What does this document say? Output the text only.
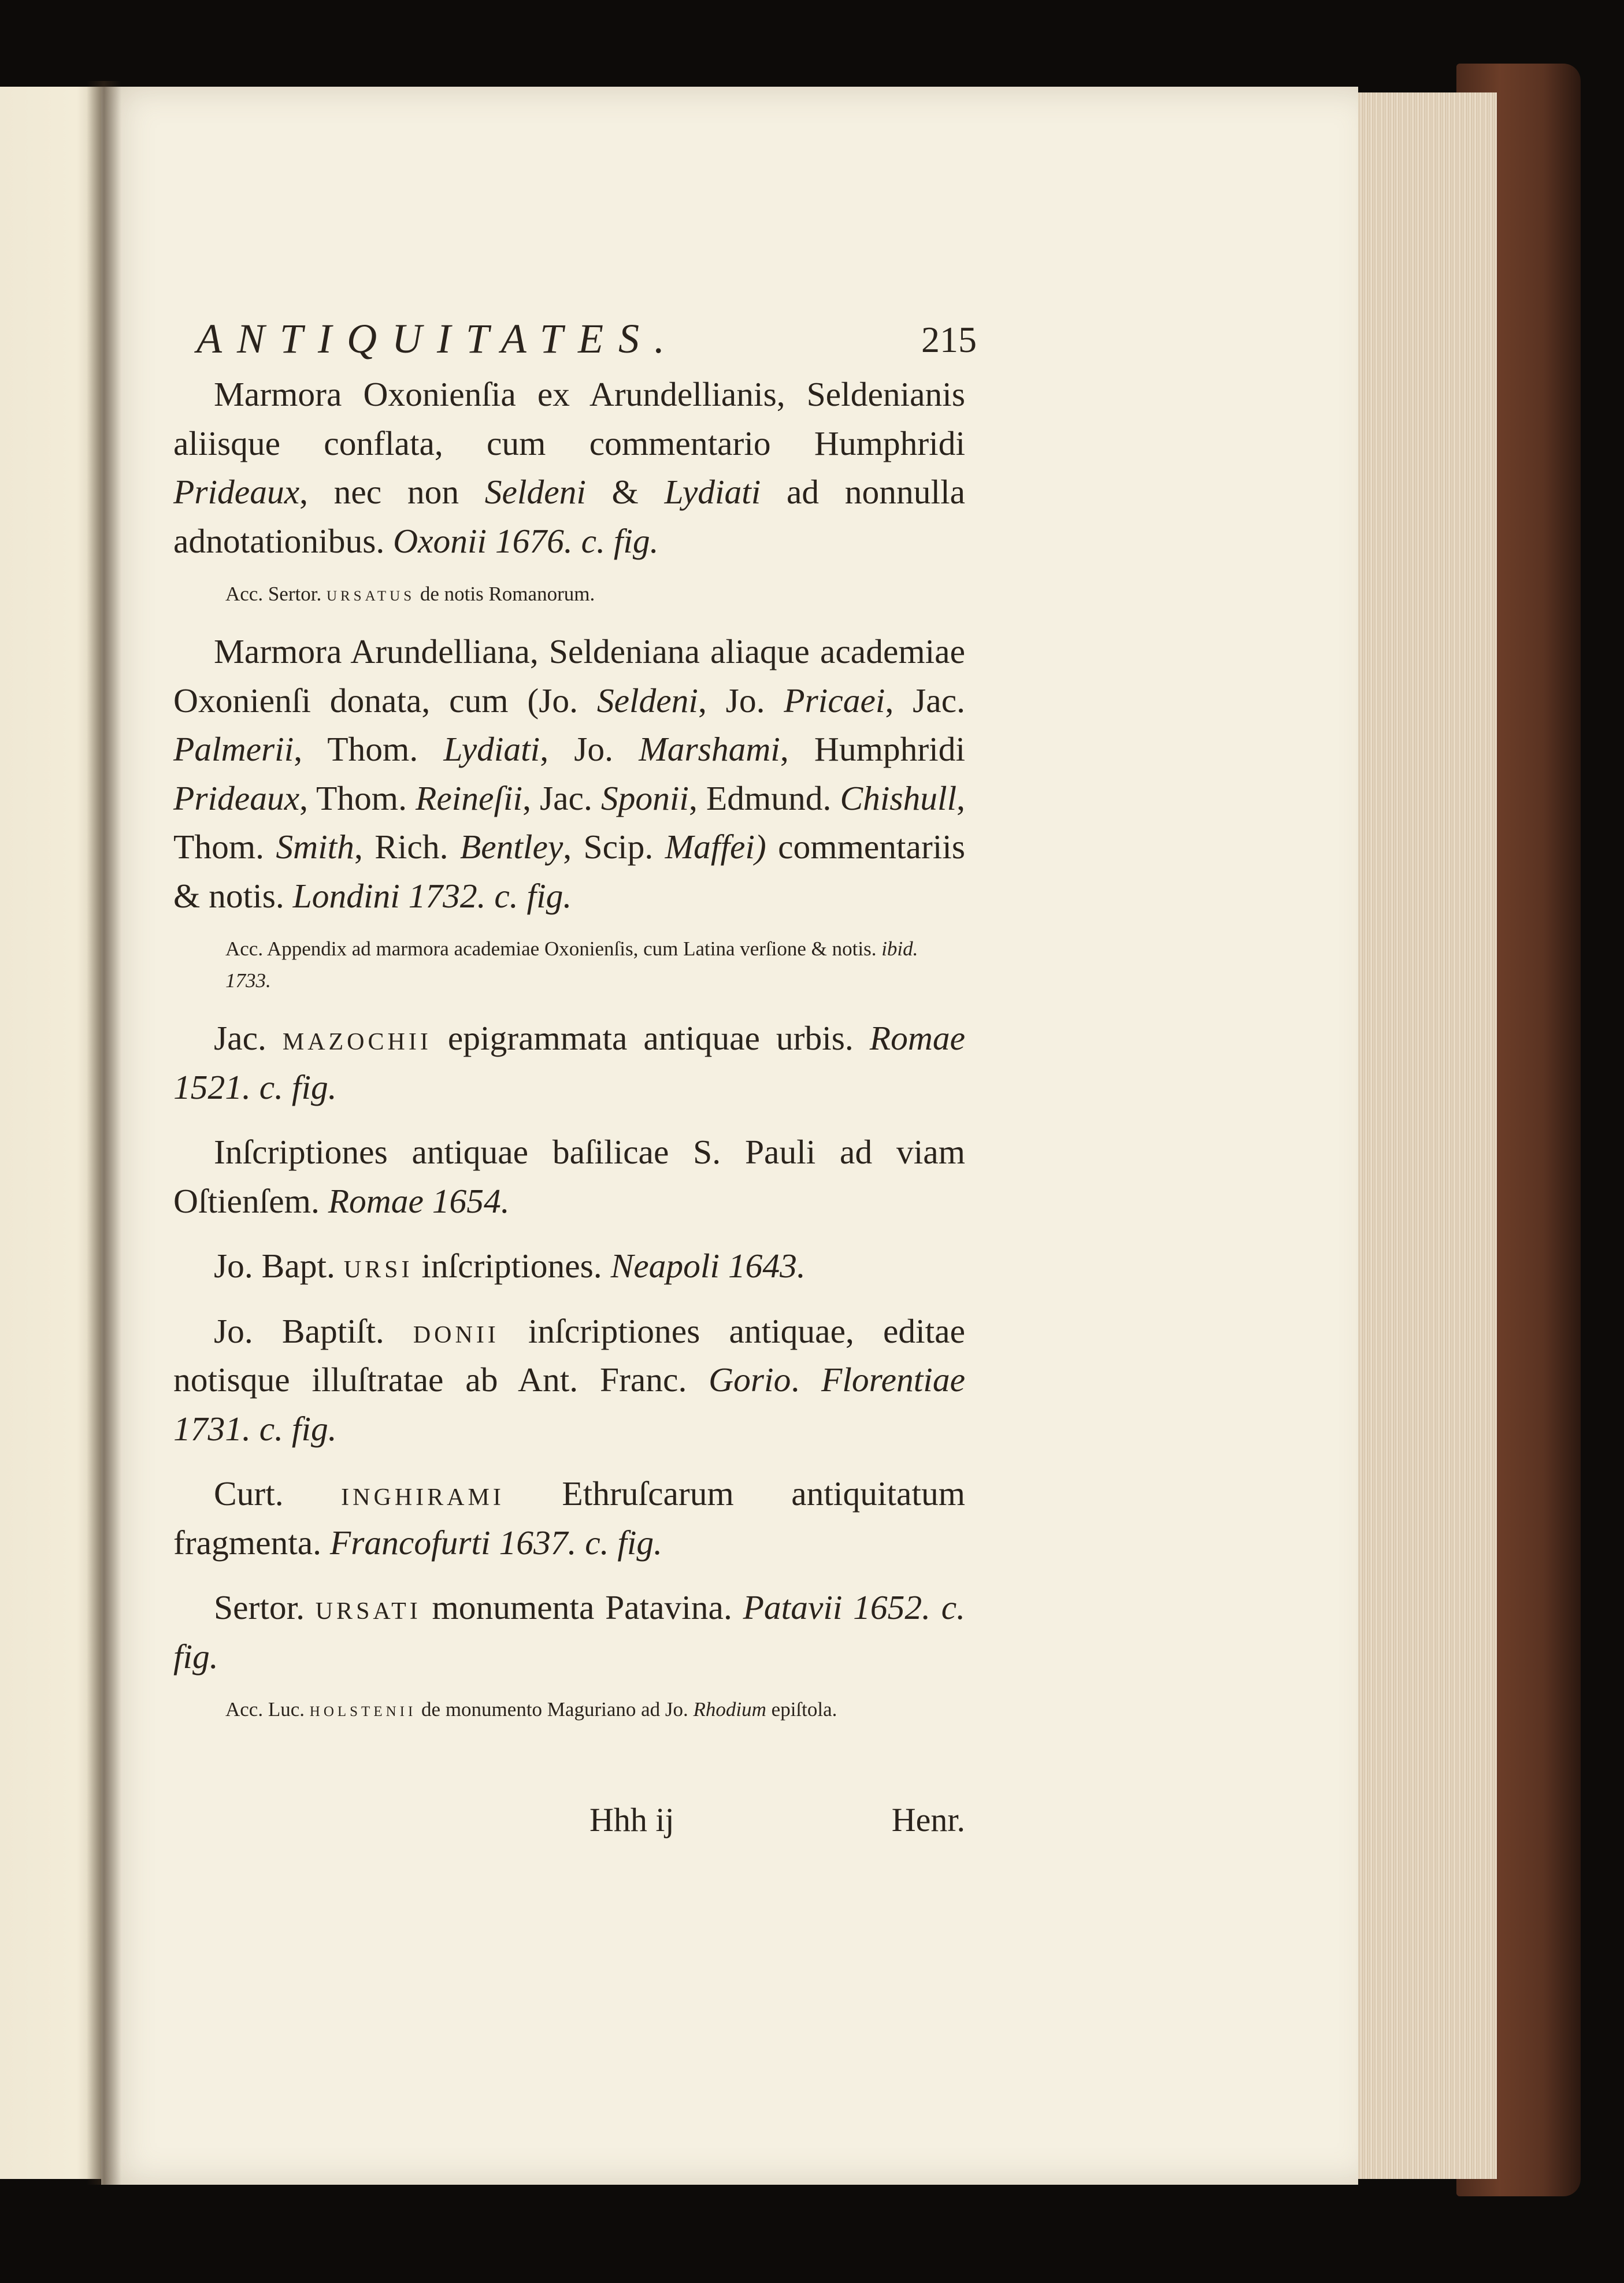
ANTIQUITATES.	215

Marmora Oxonienſia ex Arundellianis, Seldenianis aliisque conflata, cum commentario Humphridi Prideaux, nec non Seldeni & Lydiati ad nonnulla adnotationibus. Oxonii 1676. c. fig.

Acc. Sertor. ursatus de notis Romanorum.

Marmora Arundelliana, Seldeniana aliaque academiae Oxonienſi donata, cum (Jo. Seldeni, Jo. Pricaei, Jac. Palmerii, Thom. Lydiati, Jo. Marshami, Humphridi Prideaux, Thom. Reineſii, Jac. Sponii, Edmund. Chishull, Thom. Smith, Rich. Bentley, Scip. Maffei) commentariis & notis. Londini 1732. c. fig.

Acc. Appendix ad marmora academiae Oxonienſis, cum Latina verſione & notis. ibid. 1733.

Jac. mazochii epigrammata antiquae urbis. Romae 1521. c. fig.

Inſcriptiones antiquae baſilicae S. Pauli ad viam Oſtienſem. Romae 1654.

Jo. Bapt. ursi inſcriptiones. Neapoli 1643.

Jo. Baptiſt. donii inſcriptiones antiquae, editae notisque illuſtratae ab Ant. Franc. Gorio. Florentiae 1731. c. fig.

Curt. inghirami Ethruſcarum antiquitatum fragmenta. Francofurti 1637. c. fig.

Sertor. ursati monumenta Patavina. Patavii 1652. c. fig.

Acc. Luc. holstenii de monumento Maguriano ad Jo. Rhodium epiſtola.

Hhh ij	Henr.
